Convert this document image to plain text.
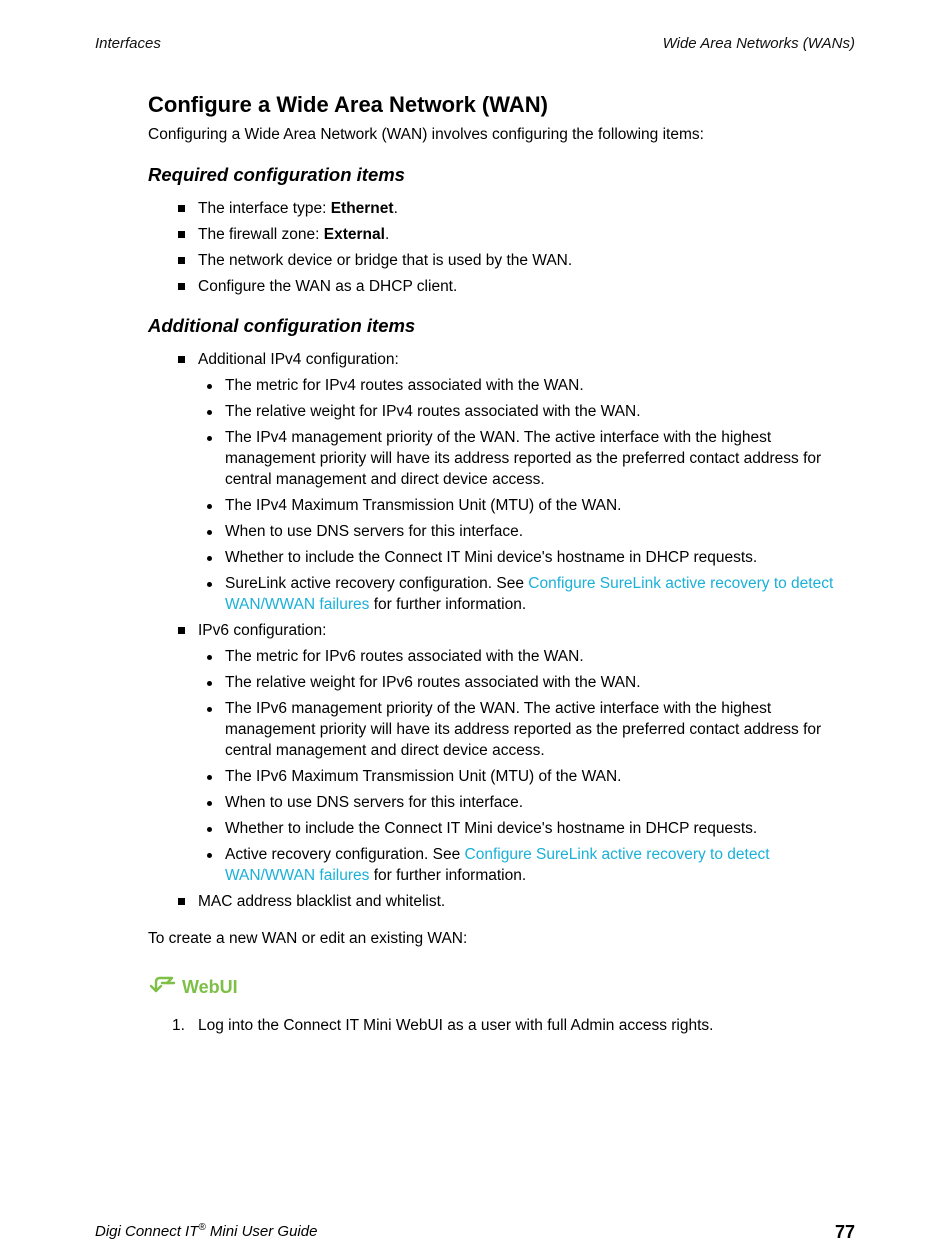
Interfaces	Wide Area Networks (WANs)
Configure a Wide Area Network (WAN)

Configuring a Wide Area Network (WAN) involves configuring the following items:

Required configuration items
The interface type: Ethernet.
The firewall zone: External.
The network device or bridge that is used by the WAN.
Configure the WAN as a DHCP client.
Additional configuration items
Additional IPv4 configuration:
The metric for IPv4 routes associated with the WAN.
The relative weight for IPv4 routes associated with the WAN.
The IPv4 management priority of the WAN. The active interface with the highest management priority will have its address reported as the preferred contact address for central management and direct device access.
The IPv4 Maximum Transmission Unit (MTU) of the WAN.
When to use DNS servers for this interface.
Whether to include the Connect IT Mini device's hostname in DHCP requests.
SureLink active recovery configuration. See Configure SureLink active recovery to detect WAN/WWAN failures for further information.
IPv6 configuration:
The metric for IPv6 routes associated with the WAN.
The relative weight for IPv6 routes associated with the WAN.
The IPv6 management priority of the WAN. The active interface with the highest management priority will have its address reported as the preferred contact address for central management and direct device access.
The IPv6 Maximum Transmission Unit (MTU) of the WAN.
When to use DNS servers for this interface.
Whether to include the Connect IT Mini device's hostname in DHCP requests.
Active recovery configuration. See Configure SureLink active recovery to detect WAN/WWAN failures for further information.
MAC address blacklist and whitelist.

To create a new WAN or edit an existing WAN:

WebUI
1. Log into the Connect IT Mini WebUI as a user with full Admin access rights.
Digi Connect IT® Mini User Guide	77
